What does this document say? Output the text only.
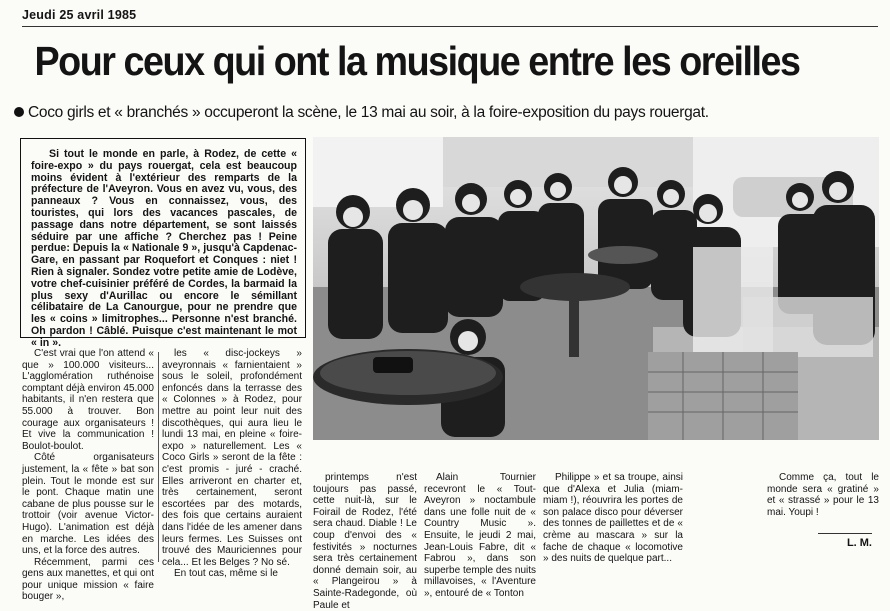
Jeudi 25 avril 1985
Pour ceux qui ont la musique entre les oreilles
Coco girls et « branchés » occuperont la scène, le 13 mai au soir, à la foire-exposition du pays rouergat.
Si tout le monde en parle, à Rodez, de cette « foire-expo » du pays rouergat, cela est beaucoup moins évident à l'extérieur des remparts de la préfecture de l'Aveyron. Vous en avez vu, vous, des panneaux ? Vous en connaissez, vous, des touristes, qui lors des vacances pascales, de passage dans notre département, se sont laissés séduire par une affiche ? Cherchez pas ! Peine perdue: Depuis la « Nationale 9 », jusqu'à Capdenac-Gare, en passant par Roquefort et Conques : niet ! Rien à signaler. Sondez votre petite amie de Lodève, votre chef-cuisinier préféré de Cordes, la barmaid la plus sexy d'Aurillac ou encore le sémillant célibataire de La Canourgue, pour ne prendre que les « coins » limitrophes... Personne n'est branché. Oh pardon ! Câblé. Puisque c'est maintenant le mot « in ».

C'est vrai que l'on attend « que » 100.000 visiteurs... L'agglomération ruthénoise comptant déjà environ 45.000 habitants, il n'en restera que 55.000 à trouver. Bon courage aux organisateurs ! Et vive la communication ! Boulot-boulot.

Côté organisateurs justement, la « fête » bat son plein. Tout le monde est sur le pont. Chaque matin une cabane de plus pousse sur le trottoir (voir avenue Victor-Hugo). L'animation est déjà en marche. Les idées des uns, et la force des autres.

Récemment, parmi ces gens aux manettes, et qui ont pour unique mission « faire bouger »,

les « disc-jockeys » aveyronnais « farnientaient » sous le soleil, profondément enfoncés dans la terrasse des « Colonnes » à Rodez, pour mettre au point leur nuit des discothèques, qui aura lieu le lundi 13 mai, en pleine « foire-expo » naturellement. Les « Coco Girls » seront de la fête : c'est promis - juré - craché. Elles arriveront en charter et, très certainement, seront escortées par des motards, des fois que certains auraient dans l'idée de les amener dans leurs fermes. Les Suisses ont trouvé des Mauriciennes pour cela... Et les Belges ? No sé.

En tout cas, même si le

printemps n'est toujours pas passé, cette nuit-là, sur le Foirail de Rodez, l'été sera chaud. Diable ! Le coup d'envoi des « festivités » nocturnes sera très certainement donné demain soir, au « Plangeirou » à Sainte-Radegonde, où Paule et
Alain Tournier recevront le « Tout-Aveyron » noctambule dans une folle nuit de « Country Music ». Ensuite, le jeudi 2 mai, Jean-Louis Fabre, dit « Fabrou », dans son superbe temple des nuits millavoises, « l'Aventure », entouré de « Tonton
Philippe » et sa troupe, ainsi que d'Alexa et Julia (miam-miam !), réouvrira les portes de son palace disco pour déverser des tonnes de paillettes et de « crème au mascara » sur la fache de chaque « locomotive » des nuits de quelque part...
Comme ça, tout le monde sera « gratiné » et « strassé » pour le 13 mai. Youpi !
L. M.
